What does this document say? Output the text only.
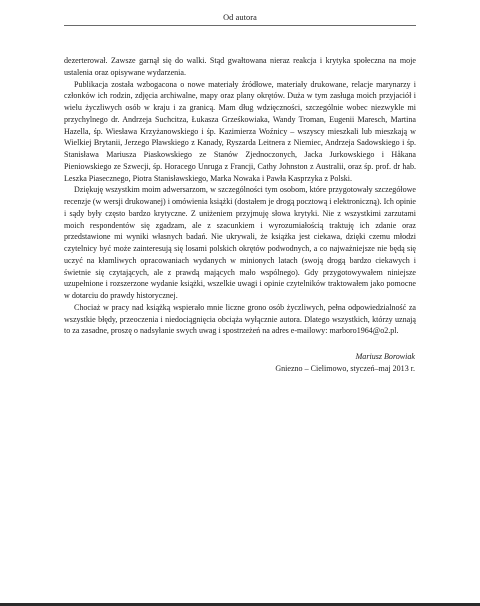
Od autora

dezerterował. Zawsze garnął się do walki. Stąd gwałtowana nieraz reakcja i krytyka społeczna na moje ustalenia oraz opisywane wydarzenia.

Publikacja została wzbogacona o nowe materiały źródłowe, materiały drukowane, relacje marynarzy i członków ich rodzin, zdjęcia archiwalne, mapy oraz plany okrętów. Duża w tym zasługa moich przyjaciół i wielu życzliwych osób w kraju i za granicą. Mam dług wdzięczności, szczególnie wobec niezwykle mi przychylnego dr. Andrzeja Suchcitza, Łukasza Grześkowiaka, Wandy Troman, Eugenii Maresch, Martina Hazella, śp. Wiesława Krzyżanowskiego i śp. Kazimierza Woźnicy – wszyscy mieszkali lub mieszkają w Wielkiej Brytanii, Jerzego Pławskiego z Kanady, Ryszarda Leitnera z Niemiec, Andrzeja Sadowskiego i śp. Stanisława Mariusza Piaskowskiego ze Stanów Zjednoczonych, Jacka Jurkowskiego i Håkana Pieniowskiego ze Szwecji, śp. Horacego Unruga z Francji, Cathy Johnston z Australii, oraz śp. prof. dr hab. Leszka Piasecznego, Piotra Stanisławskiego, Marka Nowaka i Pawła Kasprzyka z Polski.

Dziękuję wszystkim moim adwersarzom, w szczególności tym osobom, które przygotowały szczegółowe recenzje (w wersji drukowanej) i omówienia książki (dostałem je drogą pocztową i elektroniczną). Ich opinie i sądy były często bardzo krytyczne. Z uniżeniem przyjmuję słowa krytyki. Nie z wszystkimi zarzutami moich respondentów się zgadzam, ale z szacunkiem i wyrozumiałością traktuję ich zdanie oraz przedstawione mi wyniki własnych badań. Nie ukrywali, że książka jest ciekawa, dzięki czemu młodzi czytelnicy być może zainteresują się losami polskich okrętów podwodnych, a co najważniejsze nie będą się uczyć na kłamliwych opracowaniach wydanych w minionych latach (swoją drogą bardzo ciekawych i świetnie się czytających, ale z prawdą mających mało wspólnego). Gdy przygotowywałem niniejsze uzupełnione i rozszerzone wydanie książki, wszelkie uwagi i opinie czytelników traktowałem jako pomocne w dotarciu do prawdy historycznej.

Chociaż w pracy nad książką wspierało mnie liczne grono osób życzliwych, pełna odpowiedzialność za wszystkie błędy, przeoczenia i niedociągnięcia obciąża wyłącznie autora. Dlatego wszystkich, którzy uznają to za zasadne, proszę o nadsyłanie swych uwag i spostrzeżeń na adres e-mailowy: marboro1964@o2.pl.

Mariusz Borowiak
Gniezno – Cielimowo, styczeń–maj 2013 r.
